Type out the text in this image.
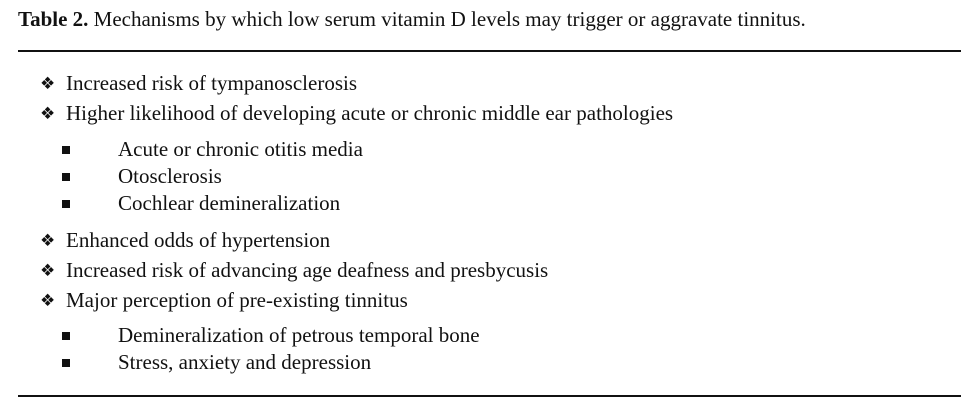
Table 2. Mechanisms by which low serum vitamin D levels may trigger or aggravate tinnitus.
❖ Increased risk of tympanosclerosis
❖ Higher likelihood of developing acute or chronic middle ear pathologies
Acute or chronic otitis media
Otosclerosis
Cochlear demineralization
❖ Enhanced odds of hypertension
❖ Increased risk of advancing age deafness and presbycusis
❖ Major perception of pre-existing tinnitus
Demineralization of petrous temporal bone
Stress, anxiety and depression
